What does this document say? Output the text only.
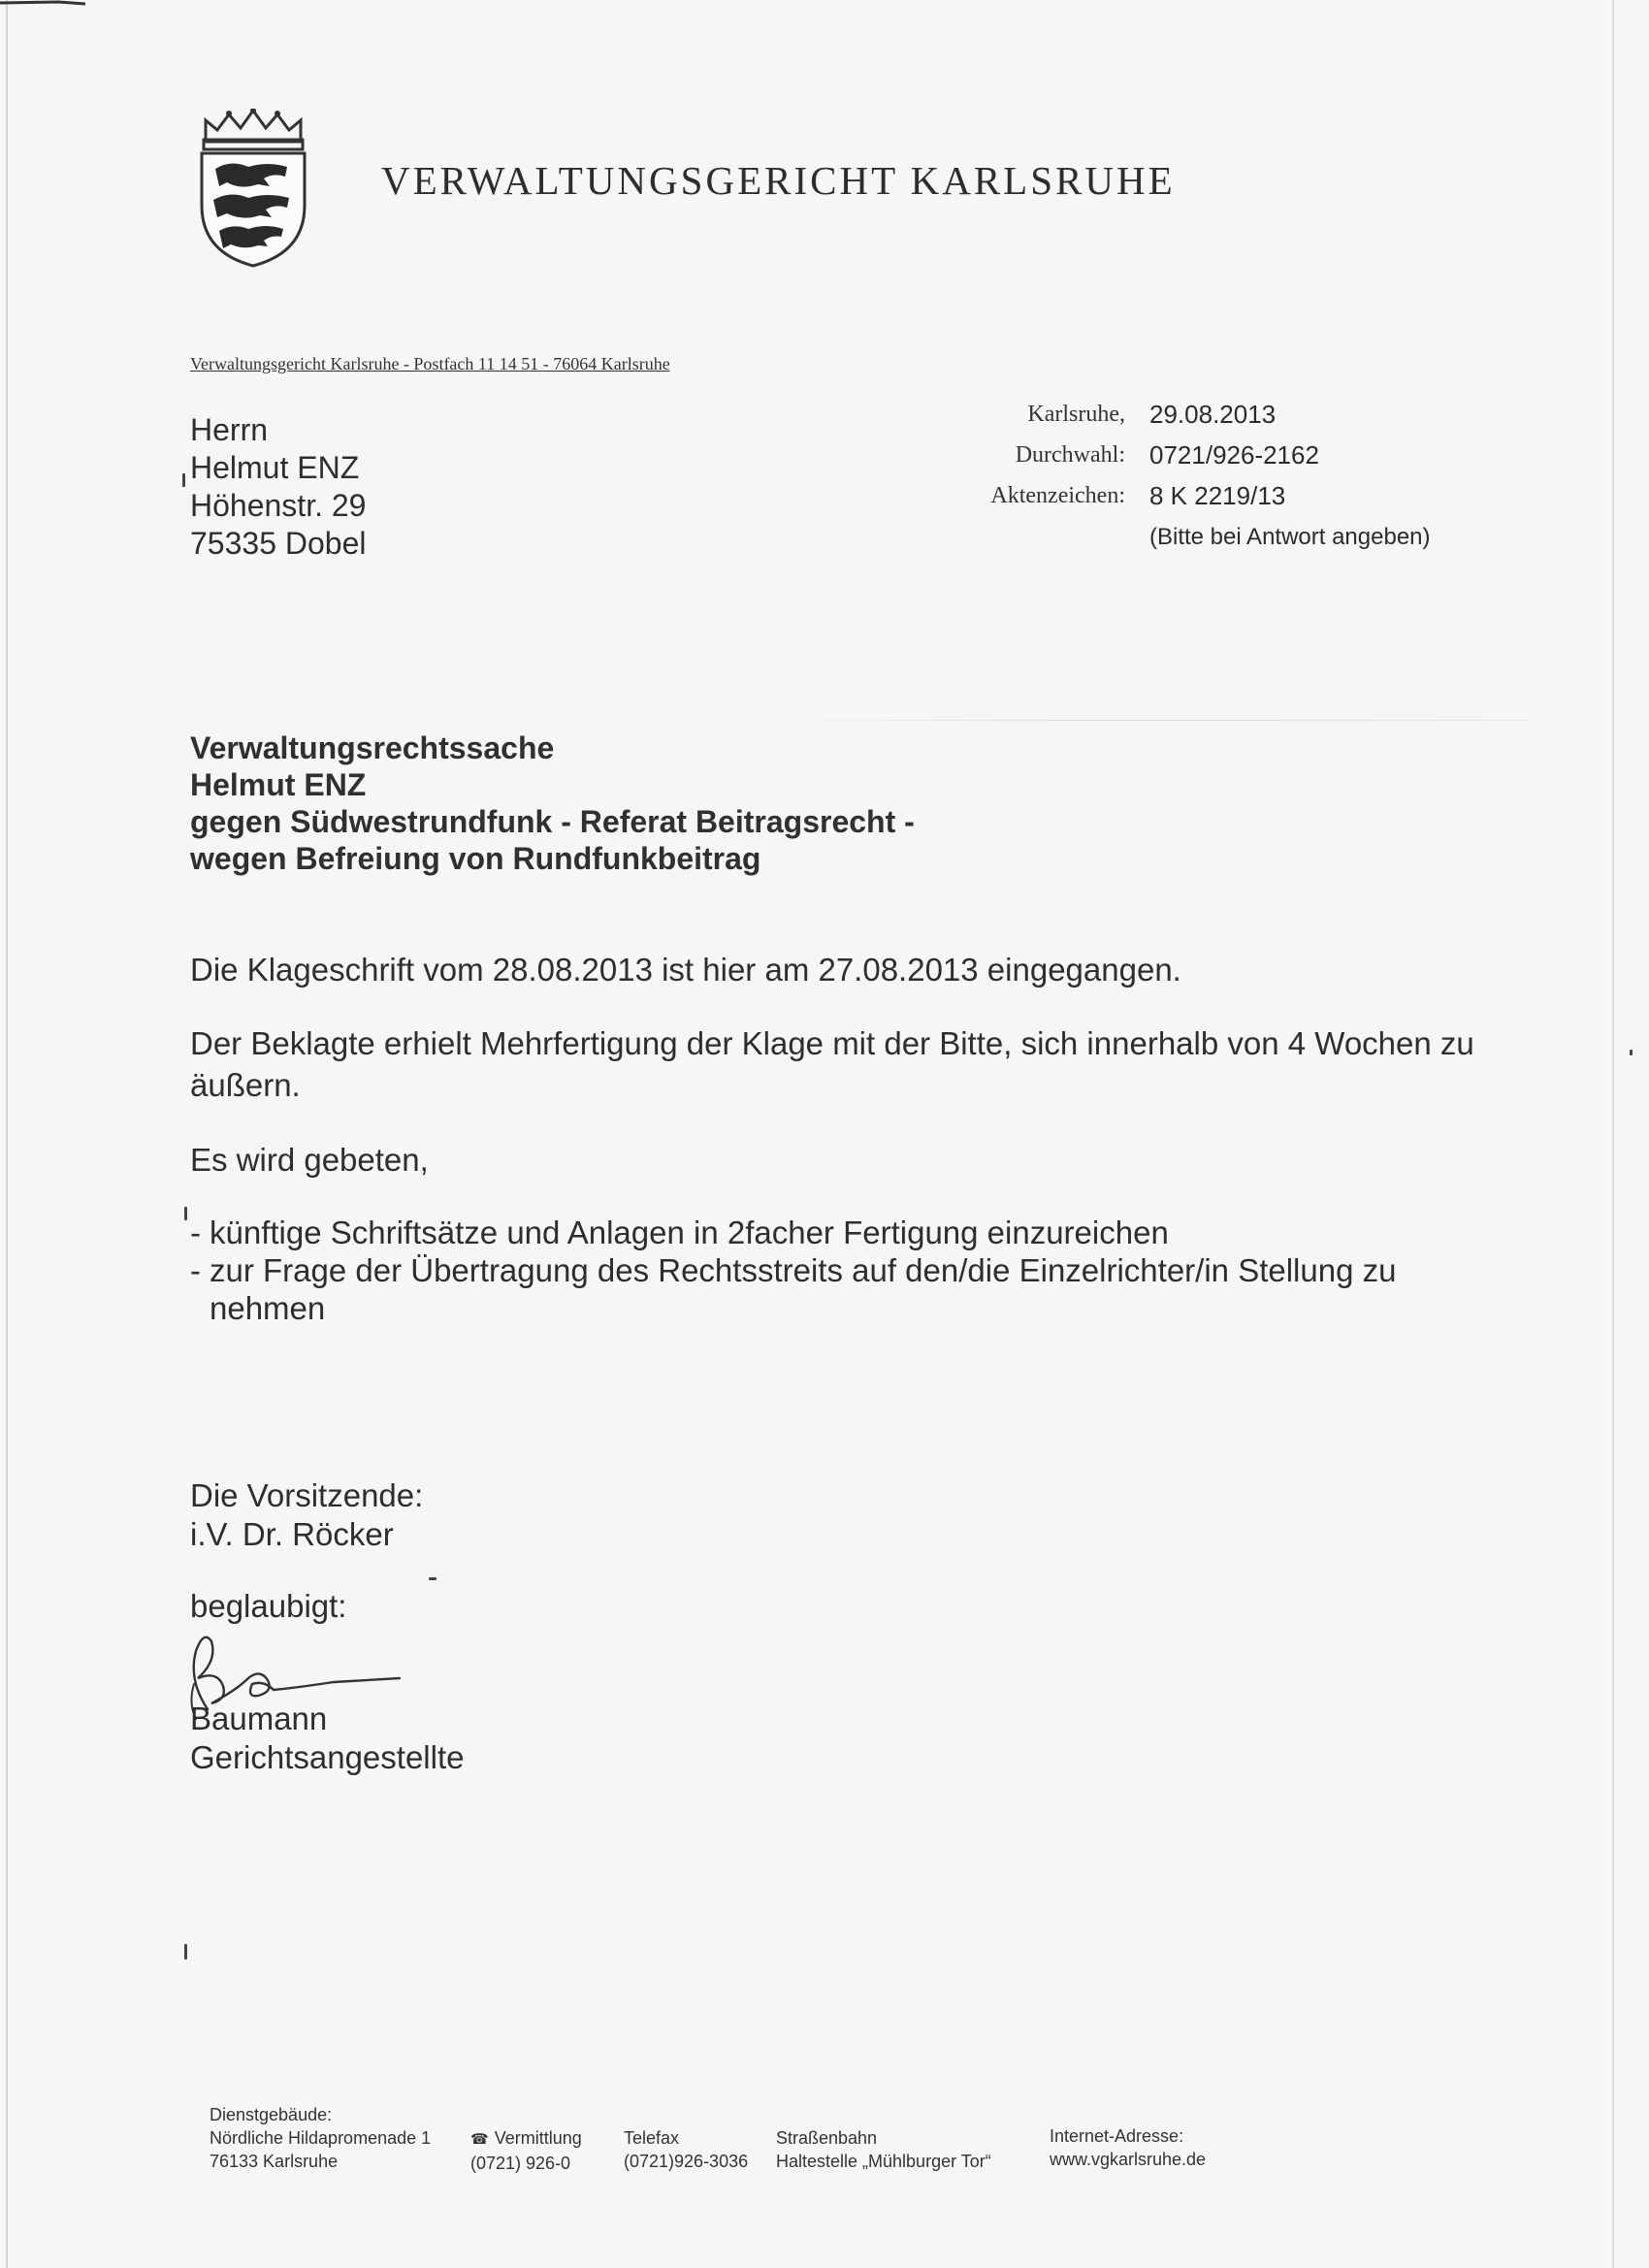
VERWALTUNGSGERICHT KARLSRUHE
Verwaltungsgericht Karlsruhe - Postfach 11 14 51 - 76064 Karlsruhe
Herrn
Helmut ENZ
Höhenstr. 29
75335 Dobel
Karlsruhe, 29.08.2013
Durchwahl: 0721/926-2162
Aktenzeichen: 8 K 2219/13
(Bitte bei Antwort angeben)
Verwaltungsrechtssache
Helmut ENZ
gegen Südwestrundfunk - Referat Beitragsrecht -
wegen Befreiung von Rundfunkbeitrag
Die Klageschrift vom 28.08.2013 ist hier am 27.08.2013 eingegangen.
Der Beklagte erhielt Mehrfertigung der Klage mit der Bitte, sich innerhalb von 4 Wochen zu äußern.
Es wird gebeten,
- künftige Schriftsätze und Anlagen in 2facher Fertigung einzureichen
- zur Frage der Übertragung des Rechtsstreits auf den/die Einzelrichter/in Stellung zu
nehmen
Die Vorsitzende:
i.V. Dr. Röcker
beglaubigt:
Baumann
Gerichtsangestellte
Dienstgebäude:
Nördliche Hildapromenade 1
76133 Karlsruhe
☎ Vermittlung
(0721) 926-0
Telefax
(0721)926-3036
Straßenbahn
Haltestelle „Mühlburger Tor“
Internet-Adresse:
www.vgkarlsruhe.de
